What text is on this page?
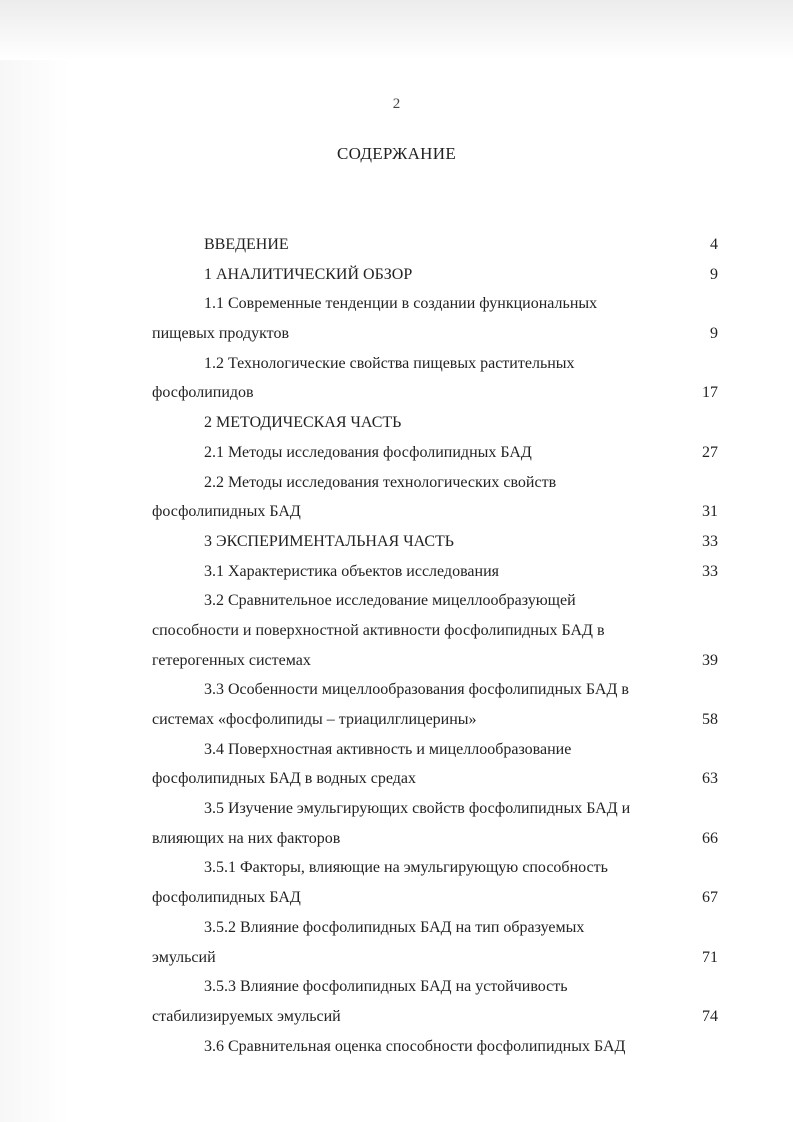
2
СОДЕРЖАНИЕ
ВВЕДЕНИЕ	4
1 АНАЛИТИЧЕСКИЙ ОБЗОР	9
1.1 Современные тенденции в создании функциональных
пищевых продуктов	9
1.2 Технологические свойства пищевых растительных
фосфолипидов	17
2 МЕТОДИЧЕСКАЯ ЧАСТЬ
2.1 Методы исследования фосфолипидных БАД	27
2.2 Методы исследования технологических свойств
фосфолипидных БАД	31
3 ЭКСПЕРИМЕНТАЛЬНАЯ ЧАСТЬ	33
3.1 Характеристика объектов исследования	33
3.2 Сравнительное исследование мицеллообразующей
способности и поверхностной активности фосфолипидных БАД в
гетерогенных системах	39
3.3 Особенности мицеллообразования фосфолипидных БАД в
системах «фосфолипиды – триацилглицерины»	58
3.4 Поверхностная активность и мицеллообразование
фосфолипидных БАД в водных средах	63
3.5 Изучение эмульгирующих свойств фосфолипидных БАД и
влияющих на них факторов	66
3.5.1 Факторы, влияющие на эмульгирующую способность
фосфолипидных БАД	67
3.5.2 Влияние фосфолипидных БАД на тип образуемых
эмульсий	71
3.5.3 Влияние фосфолипидных БАД на устойчивость
стабилизируемых эмульсий	74
3.6 Сравнительная оценка способности фосфолипидных БАД
